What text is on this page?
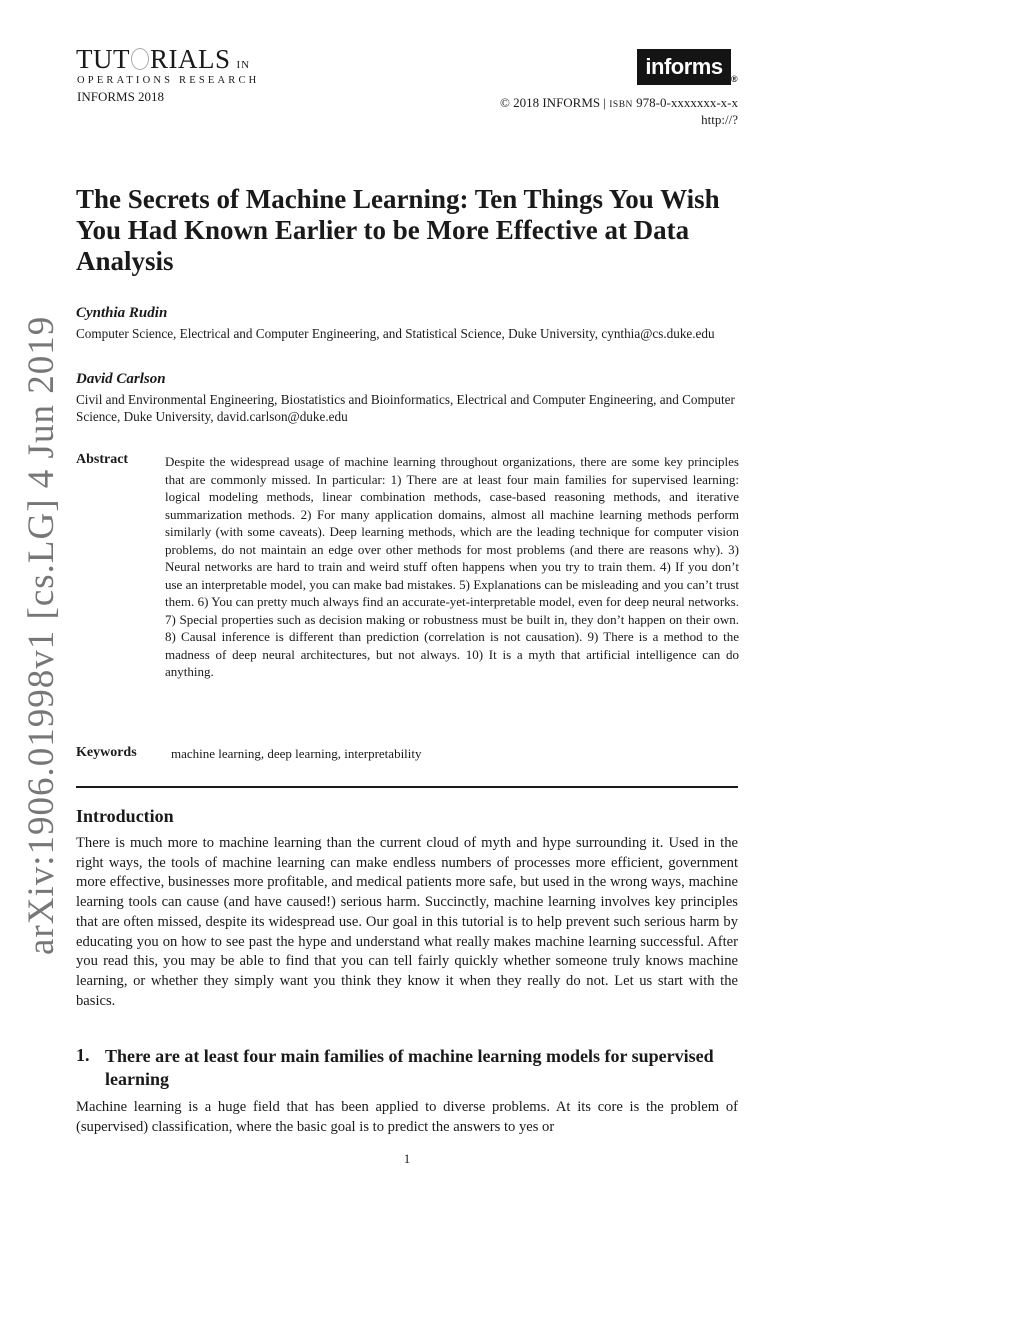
TUT RIALS $^{IN}$
OPERATIONS RESEARCH
INFORMS 2018
informs ®
© 2018 INFORMS | ISBN 978-0-xxxxxxx-x-x
http://?
arXiv:1906.01998v1 [cs.LG] 4 Jun 2019
The Secrets of Machine Learning: Ten Things You Wish You Had Known Earlier to be More Effective at Data Analysis
Cynthia Rudin
Computer Science, Electrical and Computer Engineering, and Statistical Science, Duke University, cynthia@cs.duke.edu
David Carlson
Civil and Environmental Engineering, Biostatistics and Bioinformatics, Electrical and Computer Engineering, and Computer Science, Duke University, david.carlson@duke.edu
Abstract	Despite the widespread usage of machine learning throughout organizations, there are some key principles that are commonly missed. In particular: 1) There are at least four main families for supervised learning: logical modeling methods, linear combination methods, case-based reasoning methods, and iterative summarization methods. 2) For many application domains, almost all machine learning methods perform similarly (with some caveats). Deep learning methods, which are the leading technique for computer vision problems, do not maintain an edge over other methods for most problems (and there are reasons why). 3) Neural networks are hard to train and weird stuff often happens when you try to train them. 4) If you don’t use an interpretable model, you can make bad mistakes. 5) Explanations can be misleading and you can’t trust them. 6) You can pretty much always find an accurate-yet-interpretable model, even for deep neural networks. 7) Special properties such as decision making or robustness must be built in, they don’t happen on their own. 8) Causal inference is different than prediction (correlation is not causation). 9) There is a method to the madness of deep neural architectures, but not always. 10) It is a myth that artificial intelligence can do anything.
Keywords	machine learning, deep learning, interpretability
Introduction
There is much more to machine learning than the current cloud of myth and hype surrounding it. Used in the right ways, the tools of machine learning can make endless numbers of processes more efficient, government more effective, businesses more profitable, and medical patients more safe, but used in the wrong ways, machine learning tools can cause (and have caused!) serious harm. Succinctly, machine learning involves key principles that are often missed, despite its widespread use. Our goal in this tutorial is to help prevent such serious harm by educating you on how to see past the hype and understand what really makes machine learning successful. After you read this, you may be able to find that you can tell fairly quickly whether someone truly knows machine learning, or whether they simply want you think they know it when they really do not. Let us start with the basics.
1. There are at least four main families of machine learning models for supervised learning
Machine learning is a huge field that has been applied to diverse problems. At its core is the problem of (supervised) classification, where the basic goal is to predict the answers to yes or
1
